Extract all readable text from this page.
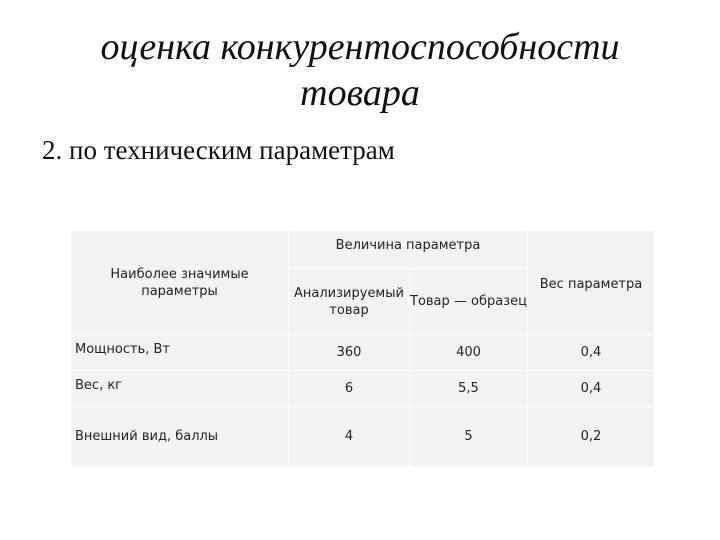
оценка конкурентоспособности
товара

2. по техническим параметрам

Наиболее значимые параметры	Величина параметра		Вес параметра
	Анализируемый товар	Товар — образец	
Мощность, Вт	360	400	0,4
Вес, кг	6	5,5	0,4
Внешний вид, баллы	4	5	0,2
